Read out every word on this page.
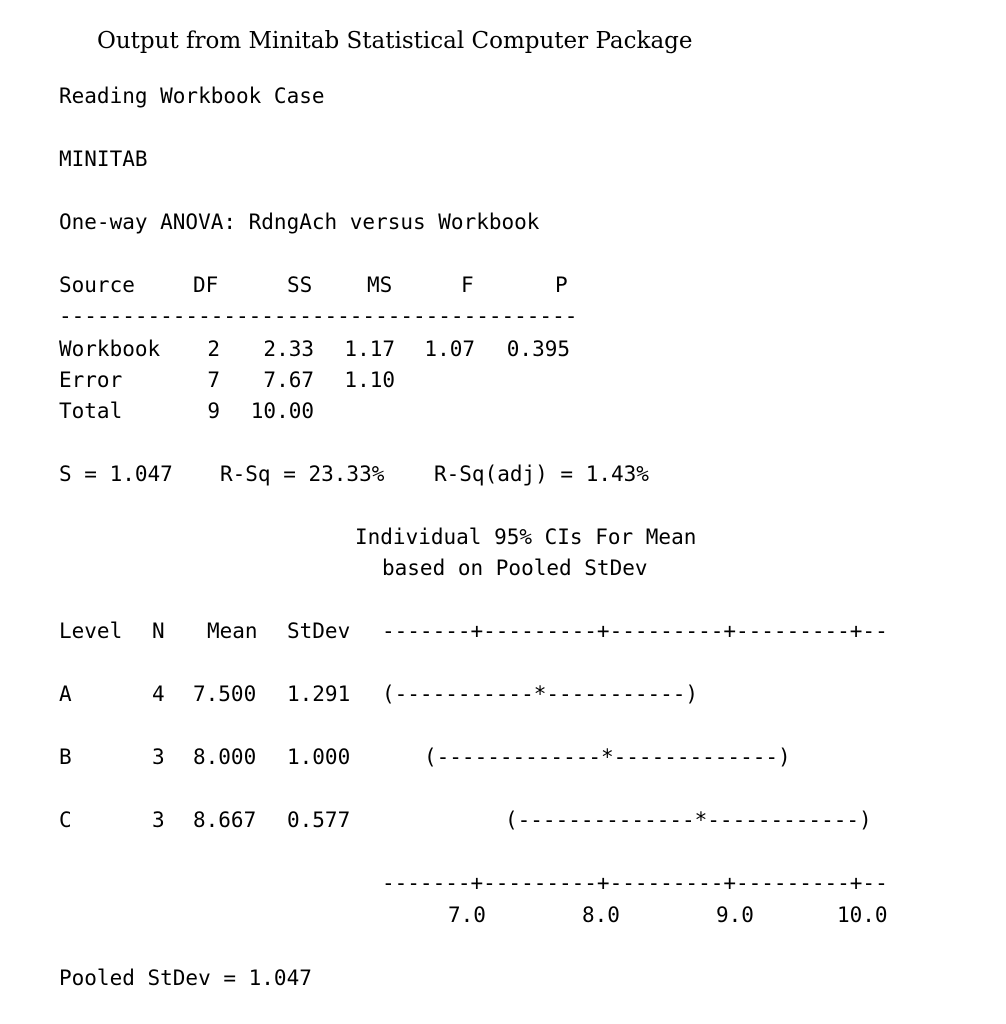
Output from Minitab Statistical Computer Package
Reading Workbook Case
MINITAB
One-way ANOVA: RdngAch versus Workbook
Source	DF	SS	MS	F	P
-----------------------------------------
Workbook	2	2.33	1.17	1.07	0.395
Error	7	7.67	1.10
Total	9	10.00
S = 1.047 R-Sq = 23.33% R-Sq(adj) = 1.43%
Individual 95% CIs For Mean
based on Pooled StDev
Level N Mean StDev -------+---------+---------+---------+--
A	4 7.500 1.291 (-----------*-----------)
B	3 8.000 1.000	(-------------*-------------)
C	3 8.667 0.577	(--------------*------------)
-------+---------+---------+---------+--
7.0	8.0	9.0	10.0
Pooled StDev = 1.047
